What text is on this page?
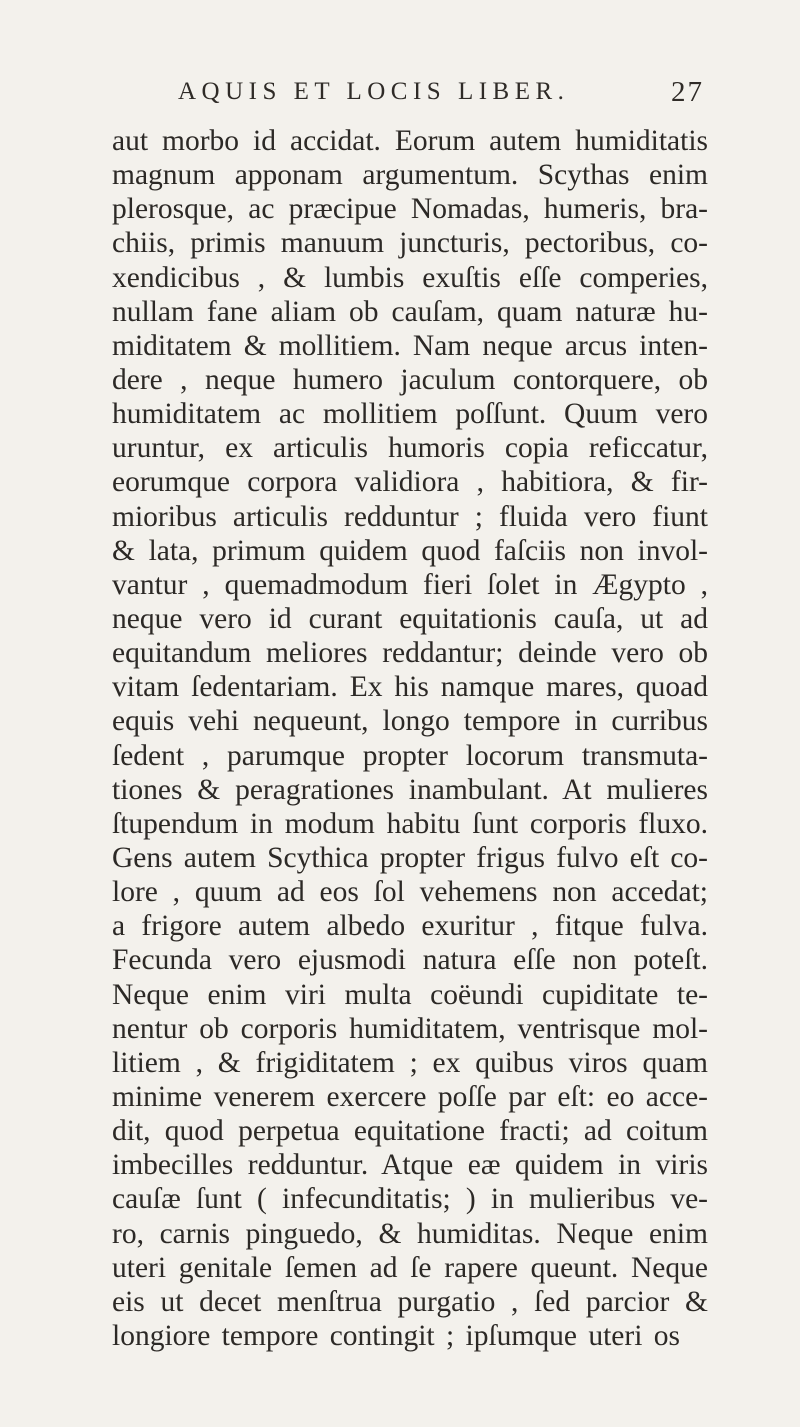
AQUIS ET LOCIS LIBER.	27
aut morbo id accidat. Eorum autem humiditatis
magnum apponam argumentum. Scythas enim
plerosque, ac præcipue Nomadas, humeris, bra-
chiis, primis manuum juncturis, pectoribus, co-
xendicibus , & lumbis exuſtis eſſe comperies,
nullam fane aliam ob cauſam, quam naturæ hu-
miditatem & mollitiem. Nam neque arcus inten-
dere , neque humero jaculum contorquere, ob
humiditatem ac mollitiem poſſunt. Quum vero
uruntur, ex articulis humoris copia reficcatur,
eorumque corpora validiora , habitiora, & fir-
mioribus articulis redduntur ; fluida vero fiunt
& lata, primum quidem quod faſciis non invol-
vantur , quemadmodum fieri ſolet in Ægypto ,
neque vero id curant equitationis cauſa, ut ad
equitandum meliores reddantur; deinde vero ob
vitam ſedentariam. Ex his namque mares, quoad
equis vehi nequeunt, longo tempore in curribus
ſedent , parumque propter locorum transmuta-
tiones & peragrationes inambulant. At mulieres
ſtupendum in modum habitu ſunt corporis fluxo.
Gens autem Scythica propter frigus fulvo eſt co-
lore , quum ad eos ſol vehemens non accedat;
a frigore autem albedo exuritur , fitque fulva.
Fecunda vero ejusmodi natura eſſe non poteſt.
Neque enim viri multa coëundi cupiditate te-
nentur ob corporis humiditatem, ventrisque mol-
litiem , & frigiditatem ; ex quibus viros quam
minime venerem exercere poſſe par eſt: eo acce-
dit, quod perpetua equitatione fracti; ad coitum
imbecilles redduntur. Atque eæ quidem in viris
cauſæ ſunt ( infecunditatis; ) in mulieribus ve-
ro, carnis pinguedo, & humiditas. Neque enim
uteri genitale ſemen ad ſe rapere queunt. Neque
eis ut decet menſtrua purgatio , ſed parcior &
longiore tempore contingit ; ipſumque uteri os
